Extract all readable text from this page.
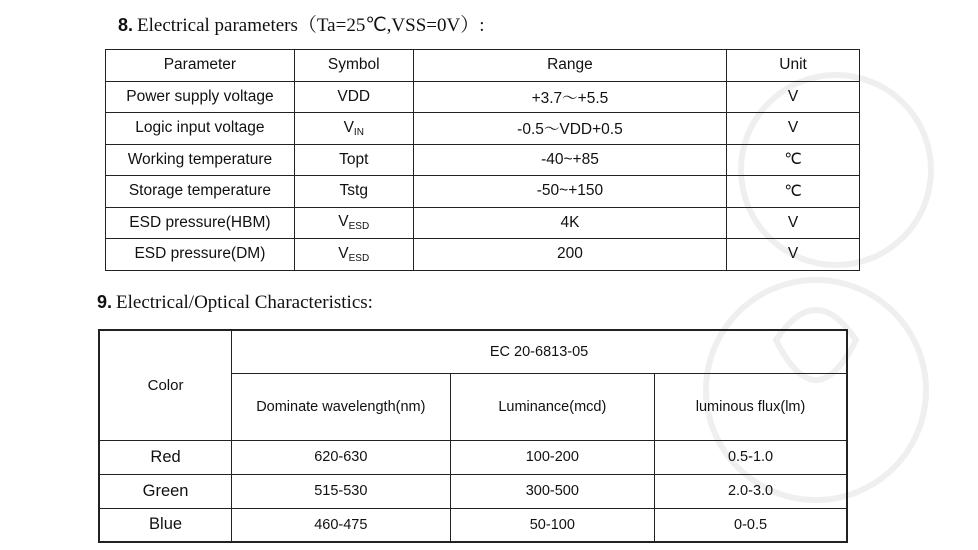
8. Electrical parameters（Ta=25℃,VSS=0V）:
Parameter	Symbol	Range	Unit
Power supply voltage	VDD	+3.7～+5.5	V
Logic input voltage	$V_{IN}$	-0.5～VDD+0.5	V
Working temperature	Topt	-40~+85	℃
Storage temperature	Tstg	-50~+150	℃
ESD pressure(HBM)	$V_{ESD}$	4K	V
ESD pressure(DM)	$V_{ESD}$	200	V
9. Electrical/Optical Characteristics:
Color	EC 20-6813-05		
	Dominate wavelength(nm)	Luminance(mcd)	luminous flux(lm)
Red	620-630	100-200	0.5-1.0
Green	515-530	300-500	2.0-3.0
Blue	460-475	50-100	0-0.5
